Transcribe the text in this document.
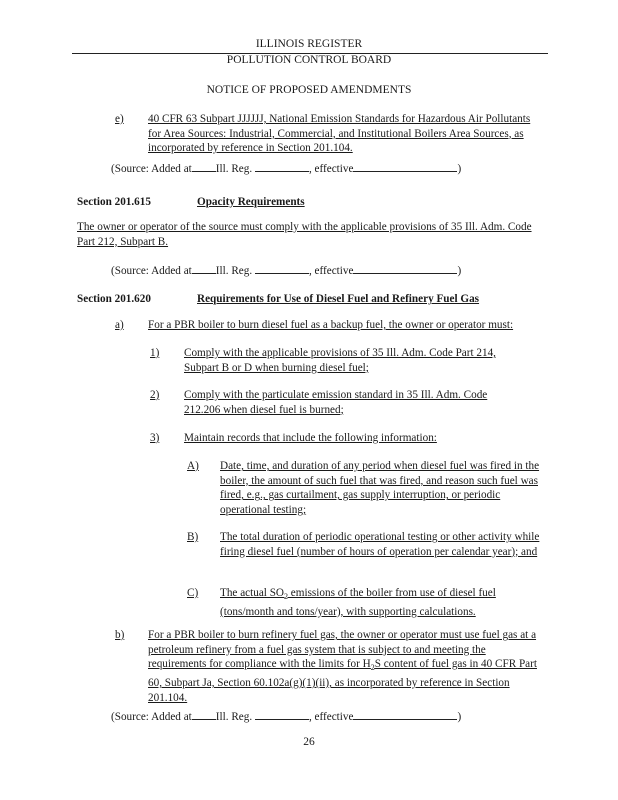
ILLINOIS REGISTER
POLLUTION CONTROL BOARD
NOTICE OF PROPOSED AMENDMENTS
e) 40 CFR 63 Subpart JJJJJJ, National Emission Standards for Hazardous Air Pollutants for Area Sources: Industrial, Commercial, and Institutional Boilers Area Sources, as incorporated by reference in Section 201.104.
(Source: Added at Ill. Reg.	, effective	)
Section 201.615	Opacity Requirements
The owner or operator of the source must comply with the applicable provisions of 35 Ill. Adm. Code Part 212, Subpart B.
(Source: Added at Ill. Reg.	, effective	)
Section 201.620	Requirements for Use of Diesel Fuel and Refinery Fuel Gas
a) For a PBR boiler to burn diesel fuel as a backup fuel, the owner or operator must:
1) Comply with the applicable provisions of 35 Ill. Adm. Code Part 214, Subpart B or D when burning diesel fuel;
2) Comply with the particulate emission standard in 35 Ill. Adm. Code 212.206 when diesel fuel is burned;
3) Maintain records that include the following information:
A) Date, time, and duration of any period when diesel fuel was fired in the boiler, the amount of such fuel that was fired, and reason such fuel was fired, e.g., gas curtailment, gas supply interruption, or periodic operational testing;
B) The total duration of periodic operational testing or other activity while firing diesel fuel (number of hours of operation per calendar year); and
C) The actual $SO_2$ emissions of the boiler from use of diesel fuel (tons/month and tons/year), with supporting calculations.
b) For a PBR boiler to burn refinery fuel gas, the owner or operator must use fuel gas at a petroleum refinery from a fuel gas system that is subject to and meeting the requirements for compliance with the limits for $H_2S$ content of fuel gas in 40 CFR Part 60, Subpart Ja, Section 60.102a(g)(1)(ii), as incorporated by reference in Section 201.104.
(Source: Added at Ill. Reg.	, effective	)
26
